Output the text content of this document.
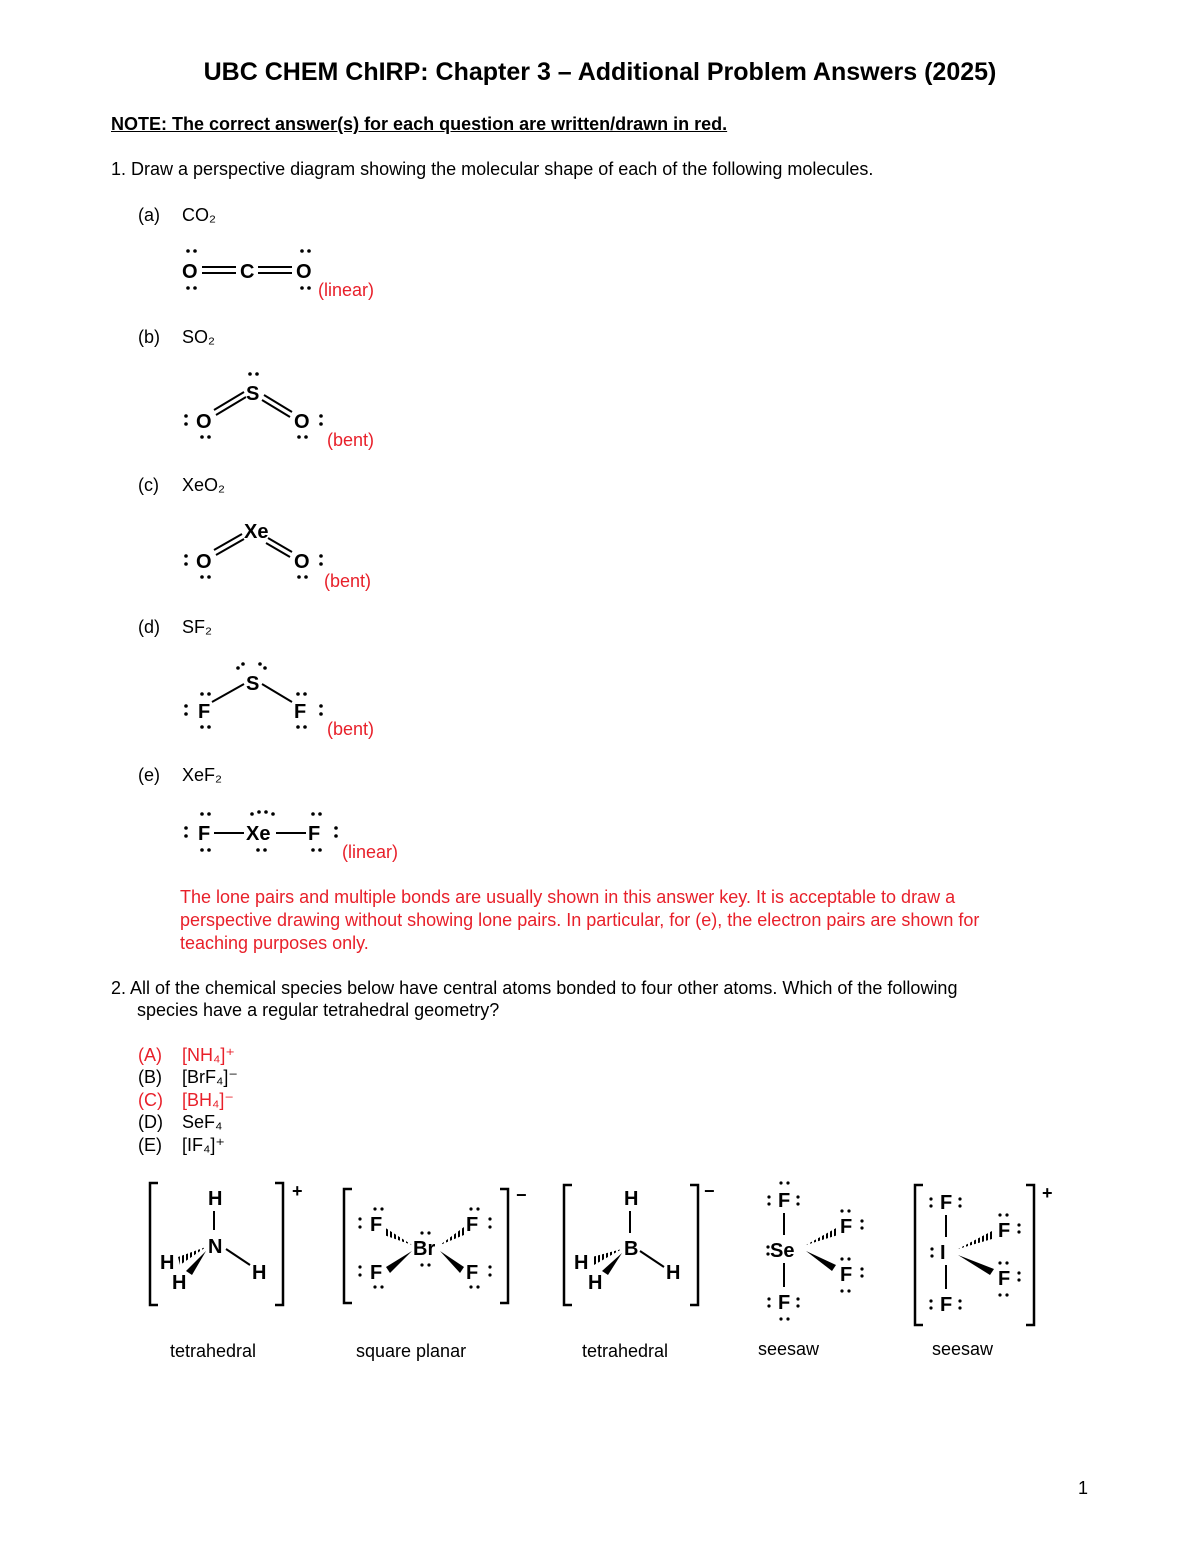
UBC CHEM ChIRP: Chapter 3 – Additional Problem Answers (2025)
NOTE: The correct answer(s) for each question are written/drawn in red.
1. Draw a perspective diagram showing the molecular shape of each of the following molecules.
(a) CO₂
O C O
(linear)
(b) SO₂
S
O	O
(bent)
(c) XeO₂
Xe
O	O
(bent)
(d) SF₂
S
F	F
(bent)
(e) XeF₂
F Xe F
(linear)
The lone pairs and multiple bonds are usually shown in this answer key. It is acceptable to draw a
perspective drawing without showing lone pairs. In particular, for (e), the electron pairs are shown for
teaching purposes only.
2. All of the chemical species below have central atoms bonded to four other atoms. Which of the following
species have a regular tetrahedral geometry?
(A) [NH₄]⁺
(B) [BrF₄]⁻
(C) [BH₄]⁻
(D) SeF₄
(E) [IF₄]⁺
+
H
N
H
H	H
tetrahedral
−
Br
F
F
F
F
square planar
−
H
B
H
H	H
tetrahedral
F
Se
F
F
F
seesaw
+
F
I
F
F
F
seesaw
1
